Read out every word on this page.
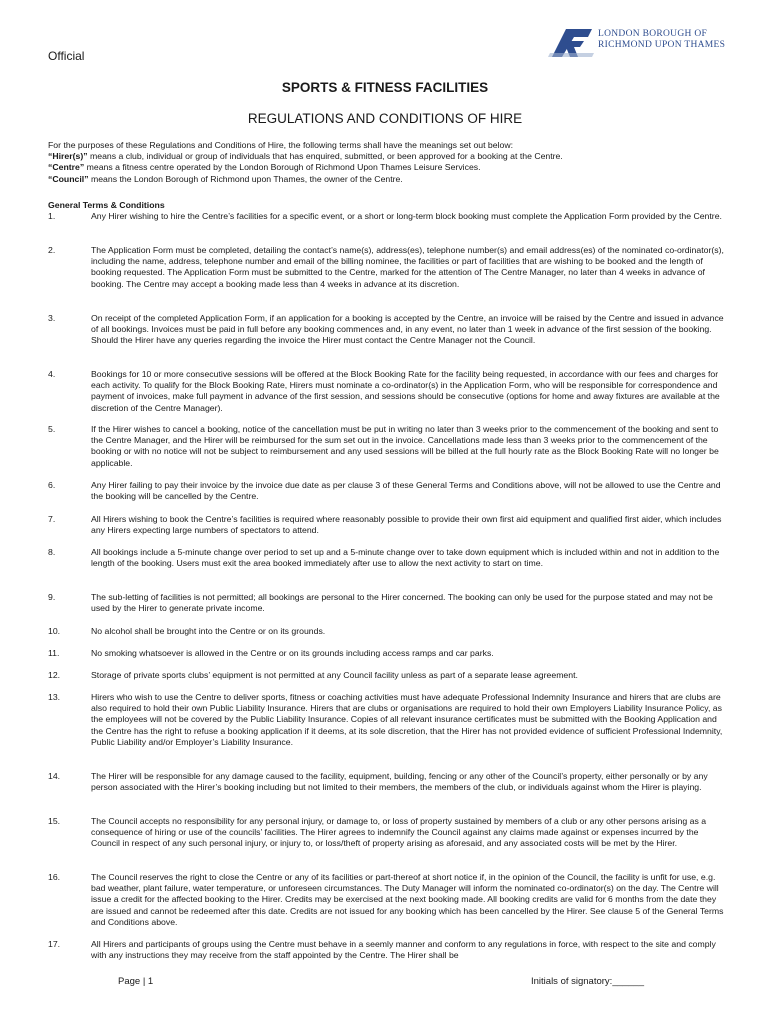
Official
LONDON BOROUGH OF
RICHMOND UPON THAMES
SPORTS & FITNESS FACILITIES
REGULATIONS AND CONDITIONS OF HIRE

For the purposes of these Regulations and Conditions of Hire, the following terms shall have the meanings set out below:

“Hirer(s)” means a club, individual or group of individuals that has enquired, submitted, or been approved for a booking at the Centre.

“Centre” means a fitness centre operated by the London Borough of Richmond Upon Thames Leisure Services.

“Council” means the London Borough of Richmond upon Thames, the owner of the Centre.

General Terms & Conditions
1.	Any Hirer wishing to hire the Centre’s facilities for a specific event, or a short or long-term block booking must complete the Application Form provided by the Centre.
2.	The Application Form must be completed, detailing the contact’s name(s), address(es), telephone number(s) and email address(es) of the nominated co-ordinator(s), including the name, address, telephone number and email of the billing nominee, the facilities or part of facilities that are wishing to be booked and the length of booking requested. The Application Form must be submitted to the Centre, marked for the attention of The Centre Manager, no later than 4 weeks in advance of booking. The Centre may accept a booking made less than 4 weeks in advance at its discretion.
3.	On receipt of the completed Application Form, if an application for a booking is accepted by the Centre, an invoice will be raised by the Centre and issued in advance of all bookings. Invoices must be paid in full before any booking commences and, in any event, no later than 1 week in advance of the first session of the booking. Should the Hirer have any queries regarding the invoice the Hirer must contact the Centre Manager not the Council.
4.	Bookings for 10 or more consecutive sessions will be offered at the Block Booking Rate for the facility being requested, in accordance with our fees and charges for each activity. To qualify for the Block Booking Rate, Hirers must nominate a co-ordinator(s) in the Application Form, who will be responsible for correspondence and payment of invoices, make full payment in advance of the first session, and sessions should be consecutive (options for home and away fixtures are available at the discretion of the Centre Manager).
5.	If the Hirer wishes to cancel a booking, notice of the cancellation must be put in writing no later than 3 weeks prior to the commencement of the booking and sent to the Centre Manager, and the Hirer will be reimbursed for the sum set out in the invoice. Cancellations made less than 3 weeks prior to the commencement of the booking or with no notice will not be subject to reimbursement and any used sessions will be billed at the full hourly rate as the Block Booking Rate will no longer be applicable.
6.	Any Hirer failing to pay their invoice by the invoice due date as per clause 3 of these General Terms and Conditions above, will not be allowed to use the Centre and the booking will be cancelled by the Centre.
7.	All Hirers wishing to book the Centre’s facilities is required where reasonably possible to provide their own first aid equipment and qualified first aider, which includes any Hirers expecting large numbers of spectators to attend.
8.	All bookings include a 5-minute change over period to set up and a 5-minute change over to take down equipment which is included within and not in addition to the length of the booking. Users must exit the area booked immediately after use to allow the next activity to start on time.
9.	The sub-letting of facilities is not permitted; all bookings are personal to the Hirer concerned. The booking can only be used for the purpose stated and may not be used by the Hirer to generate private income.
10.	No alcohol shall be brought into the Centre or on its grounds.
11.	No smoking whatsoever is allowed in the Centre or on its grounds including access ramps and car parks.
12.	Storage of private sports clubs’ equipment is not permitted at any Council facility unless as part of a separate lease agreement.
13.	Hirers who wish to use the Centre to deliver sports, fitness or coaching activities must have adequate Professional Indemnity Insurance and hirers that are clubs are also required to hold their own Public Liability Insurance. Hirers that are clubs or organisations are required to hold their own Employers Liability Insurance Policy, as the employees will not be covered by the Public Liability Insurance. Copies of all relevant insurance certificates must be submitted with the Booking Application and the Centre has the right to refuse a booking application if it deems, at its sole discretion, that the Hirer has not provided evidence of sufficient Professional Indemnity, Public Liability and/or Employer’s Liability Insurance.
14.	The Hirer will be responsible for any damage caused to the facility, equipment, building, fencing or any other of the Council’s property, either personally or by any person associated with the Hirer’s booking including but not limited to their members, the members of the club, or individuals against whom the Hirer is playing.
15.	The Council accepts no responsibility for any personal injury, or damage to, or loss of property sustained by members of a club or any other persons arising as a consequence of hiring or use of the councils’ facilities. The Hirer agrees to indemnify the Council against any claims made against or expenses incurred by the Council in respect of any such personal injury, or injury to, or loss/theft of property arising as aforesaid, and any associated costs will be met by the Hirer.
16.	The Council reserves the right to close the Centre or any of its facilities or part-thereof at short notice if, in the opinion of the Council, the facility is unfit for use, e.g. bad weather, plant failure, water temperature, or unforeseen circumstances. The Duty Manager will inform the nominated co-ordinator(s) on the day. The Centre will issue a credit for the affected booking to the Hirer. Credits may be exercised at the next booking made. All booking credits are valid for 6 months from the date they are issued and cannot be redeemed after this date. Credits are not issued for any booking which has been cancelled by the Hirer. See clause 5 of the General Terms and Conditions above.
17.	All Hirers and participants of groups using the Centre must behave in a seemly manner and conform to any regulations in force, with respect to the site and comply with any instructions they may receive from the staff appointed by the Centre. The Hirer shall be
Page | 1	Initials of signatory:______
